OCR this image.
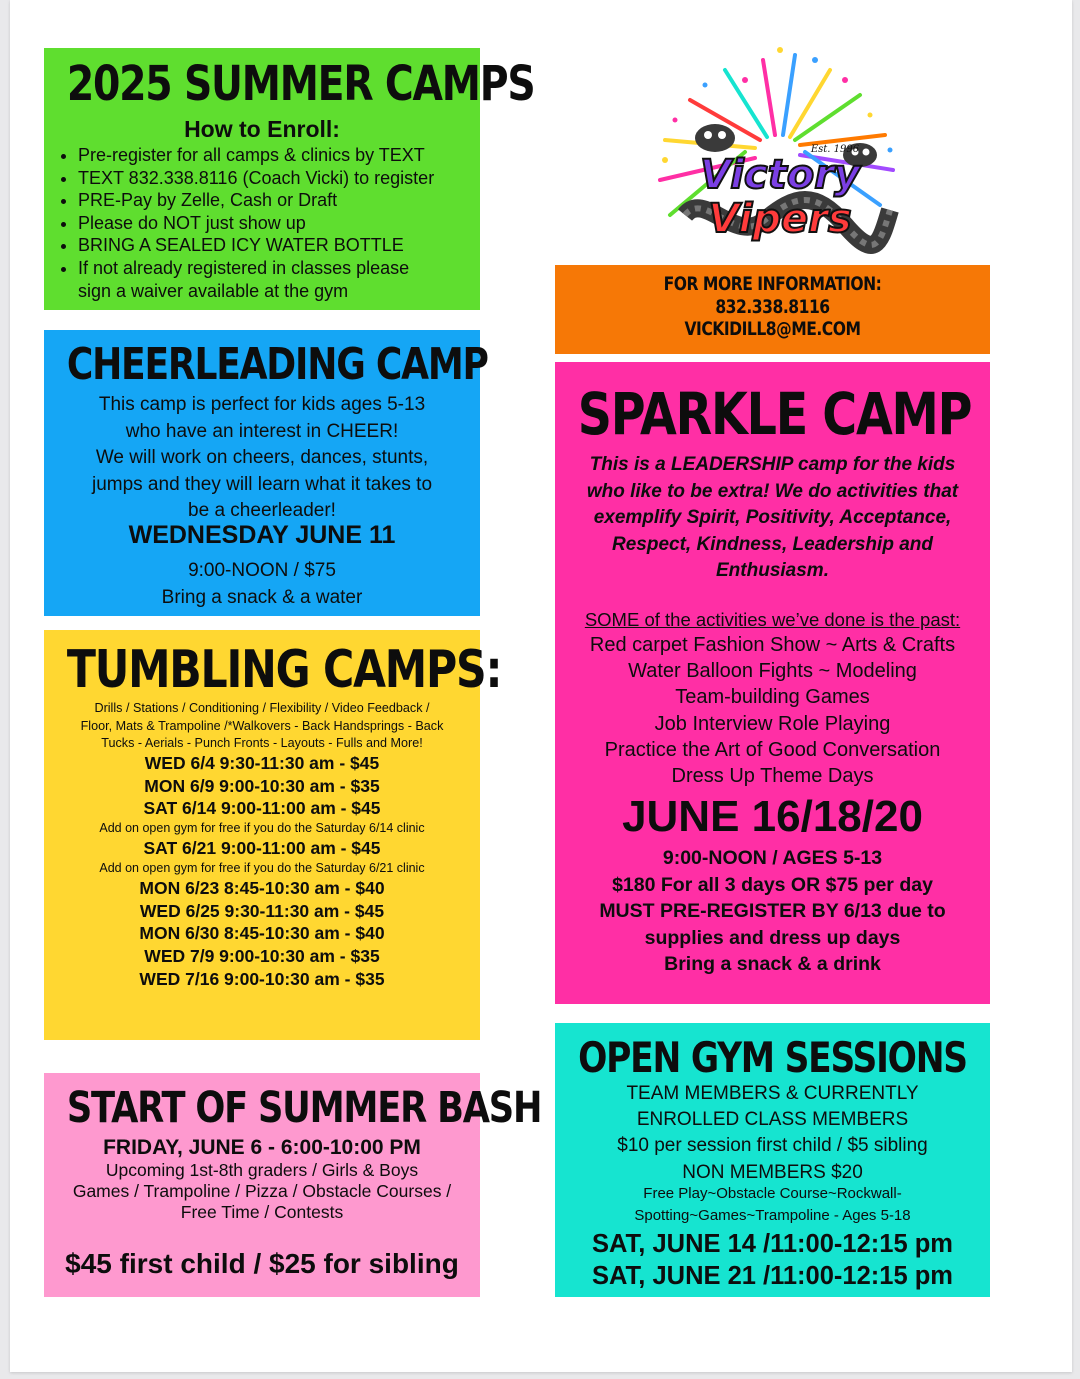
2025 SUMMER CAMPS
How to Enroll:
• Pre-register for all camps & clinics by TEXT
• TEXT 832.338.8116 (Coach Vicki) to register
• PRE-Pay by Zelle, Cash or Draft
• Please do NOT just show up
• BRING A SEALED ICY WATER BOTTLE
• If not already registered in classes please
sign a waiver available at the gym
CHEERLEADING CAMP
This camp is perfect for kids ages 5-13
who have an interest in CHEER!
We will work on cheers, dances, stunts,
jumps and they will learn what it takes to
be a cheerleader!
WEDNESDAY JUNE 11
9:00-NOON / $75
Bring a snack & a water
TUMBLING CAMPS:
Drills / Stations / Conditioning / Flexibility / Video Feedback /
Floor, Mats & Trampoline /*Walkovers - Back Handsprings - Back
Tucks - Aerials - Punch Fronts - Layouts - Fulls and More!
WED 6/4 9:30-11:30 am - $45
MON 6/9 9:00-10:30 am - $35
SAT 6/14 9:00-11:00 am - $45
Add on open gym for free if you do the Saturday 6/14 clinic
SAT 6/21 9:00-11:00 am - $45
Add on open gym for free if you do the Saturday 6/21 clinic
MON 6/23 8:45-10:30 am - $40
WED 6/25 9:30-11:30 am - $45
MON 6/30 8:45-10:30 am - $40
WED 7/9 9:00-10:30 am - $35
WED 7/16 9:00-10:30 am - $35
START OF SUMMER BASH
FRIDAY, JUNE 6 - 6:00-10:00 PM
Upcoming 1st-8th graders / Girls & Boys
Games / Trampoline / Pizza / Obstacle Courses /
Free Time / Contests
$45 first child / $25 for sibling
Victory
Vipers
Est. 1996
FOR MORE INFORMATION:
832.338.8116
VICKIDILL8@ME.COM
SPARKLE CAMP
This is a LEADERSHIP camp for the kids
who like to be extra! We do activities that
exemplify Spirit, Positivity, Acceptance,
Respect, Kindness, Leadership and
Enthusiasm.
SOME of the activities we’ve done is the past:
Red carpet Fashion Show ~ Arts & Crafts
Water Balloon Fights ~ Modeling
Team-building Games
Job Interview Role Playing
Practice the Art of Good Conversation
Dress Up Theme Days
JUNE 16/18/20
9:00-NOON / AGES 5-13
$180 For all 3 days OR $75 per day
MUST PRE-REGISTER BY 6/13 due to
supplies and dress up days
Bring a snack & a drink
OPEN GYM SESSIONS
TEAM MEMBERS & CURRENTLY
ENROLLED CLASS MEMBERS
$10 per session first child / $5 sibling
NON MEMBERS $20
Free Play~Obstacle Course~Rockwall-
Spotting~Games~Trampoline - Ages 5-18
SAT, JUNE 14 /11:00-12:15 pm
SAT, JUNE 21 /11:00-12:15 pm
